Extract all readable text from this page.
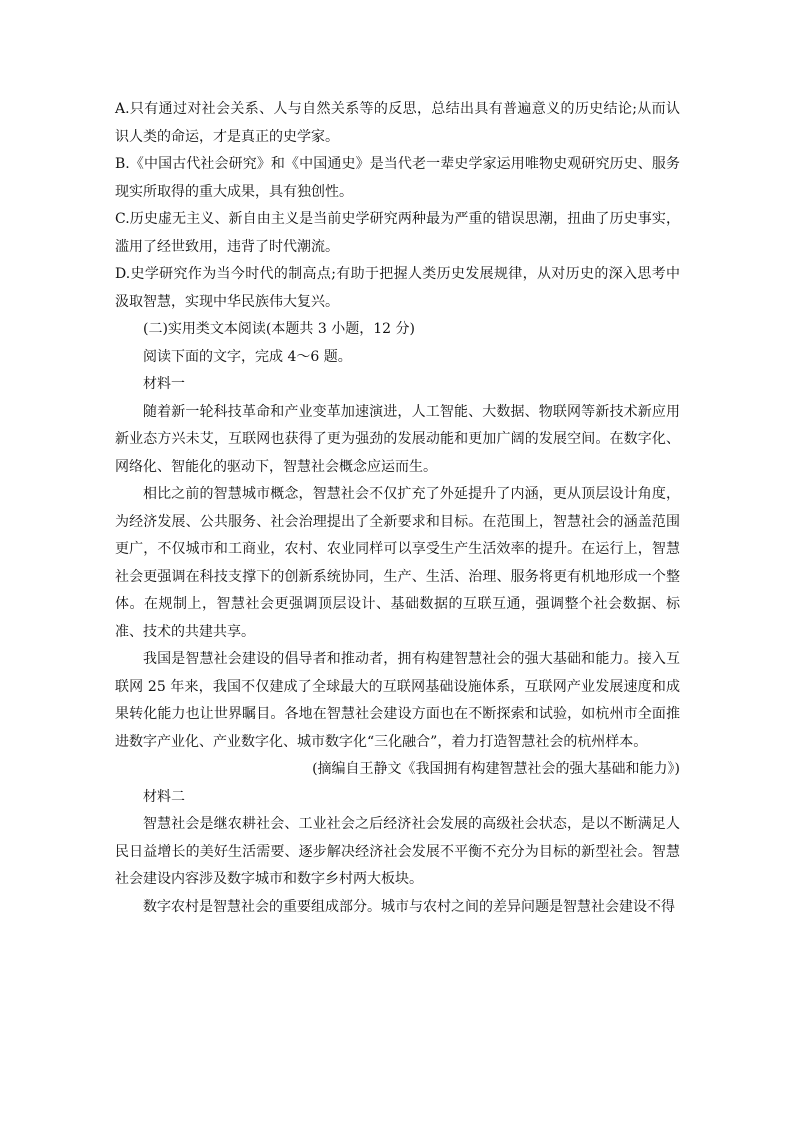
A.只有通过对社会关系、人与自然关系等的反思，总结出具有普遍意义的历史结论;从而认识人类的命运，才是真正的史学家。

B.《中国古代社会研究》和《中国通史》是当代老一辈史学家运用唯物史观研究历史、服务现实所取得的重大成果，具有独创性。

C.历史虚无主义、新自由主义是当前史学研究两种最为严重的错误思潮，扭曲了历史事实，滥用了经世致用，违背了时代潮流。

D.史学研究作为当今时代的制高点;有助于把握人类历史发展规律，从对历史的深入思考中汲取智慧，实现中华民族伟大复兴。

(二)实用类文本阅读(本题共 3 小题，12 分)

阅读下面的文字，完成 4～6 题。

材料一

随着新一轮科技革命和产业变革加速演进，人工智能、大数据、物联网等新技术新应用新业态方兴未艾，互联网也获得了更为强劲的发展动能和更加广阔的发展空间。在数字化、网络化、智能化的驱动下，智慧社会概念应运而生。

相比之前的智慧城市概念，智慧社会不仅扩充了外延提升了内涵，更从顶层设计角度，为经济发展、公共服务、社会治理提出了全新要求和目标。在范围上，智慧社会的涵盖范围更广，不仅城市和工商业，农村、农业同样可以享受生产生活效率的提升。在运行上，智慧社会更强调在科技支撑下的创新系统协同，生产、生活、治理、服务将更有机地形成一个整体。在规制上，智慧社会更强调顶层设计、基础数据的互联互通，强调整个社会数据、标准、技术的共建共享。

我国是智慧社会建设的倡导者和推动者，拥有构建智慧社会的强大基础和能力。接入互联网 25 年来，我国不仅建成了全球最大的互联网基础设施体系，互联网产业发展速度和成果转化能力也让世界瞩目。各地在智慧社会建设方面也在不断探索和试验，如杭州市全面推进数字产业化、产业数字化、城市数字化“三化融合”，着力打造智慧社会的杭州样本。

(摘编自王静文《我国拥有构建智慧社会的强大基础和能力》)

材料二

智慧社会是继农耕社会、工业社会之后经济社会发展的高级社会状态，是以不断满足人民日益增长的美好生活需要、逐步解决经济社会发展不平衡不充分为目标的新型社会。智慧社会建设内容涉及数字城市和数字乡村两大板块。

数字农村是智慧社会的重要组成部分。城市与农村之间的差异问题是智慧社会建设不得
